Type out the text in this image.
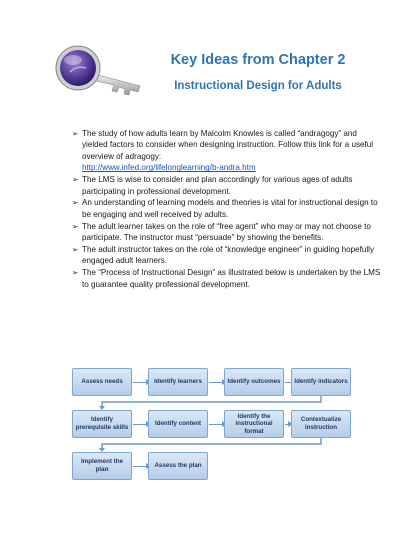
Key Ideas from Chapter 2
Instructional Design for Adults
➢ The study of how adults learn by Malcolm Knowles is called “andragogy” and yielded factors to consider when designing instruction. Follow this link for a useful overview of adragogy:
http://www.infed.org/lifelonglearning/b-andra.htm
➢ The LMS is wise to consider and plan accordingly for various ages of adults participating in professional development.
➢ An understanding of learning models and theories is vital for instructional design to be engaging and well received by adults.
➢ The adult learner takes on the role of “free agent” who may or may not choose to participate. The instructor must “persuade” by showing the benefits.
➢ The adult instructor takes on the role of “knowledge engineer” in guiding hopefully engaged adult learners.
➢ The “Process of Instructional Design” as illustrated below is undertaken by the LMS to guarantee quality professional development.
Assess needs	Identify learners	Identify outcomes	Identify indicators
Identify prerequisite skills
Identify content
Identify the instructional format
Contextualize instruction
Implement the plan
Assess the plan
